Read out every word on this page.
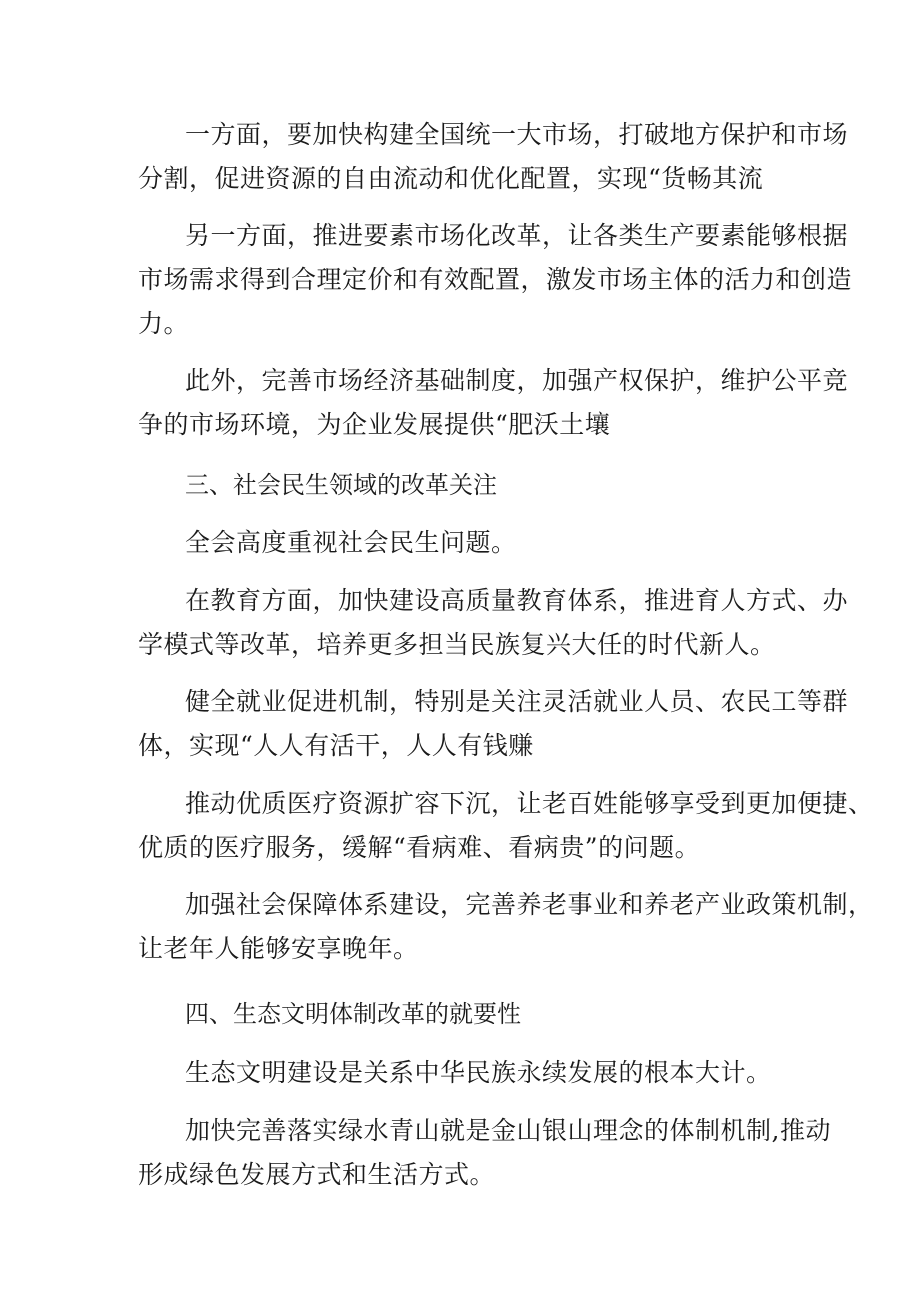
一方面，要加快构建全国统一大市场，打破地方保护和市场
分割，促进资源的自由流动和优化配置，实现“货畅其流
另一方面，推进要素市场化改革，让各类生产要素能够根据
市场需求得到合理定价和有效配置，激发市场主体的活力和创造
力。
此外，完善市场经济基础制度，加强产权保护，维护公平竞
争的市场环境，为企业发展提供“肥沃土壤
三、社会民生领域的改革关注
全会高度重视社会民生问题。
在教育方面，加快建设高质量教育体系，推进育人方式、办
学模式等改革，培养更多担当民族复兴大任的时代新人。
健全就业促进机制，特别是关注灵活就业人员、农民工等群
体，实现“人人有活干，人人有钱赚
推动优质医疗资源扩容下沉，让老百姓能够享受到更加便捷、
优质的医疗服务，缓解“看病难、看病贵”的问题。
加强社会保障体系建设，完善养老事业和养老产业政策机制，
让老年人能够安享晚年。
四、生态文明体制改革的就要性
生态文明建设是关系中华民族永续发展的根本大计。
加快完善落实绿水青山就是金山银山理念的体制机制,推动
形成绿色发展方式和生活方式。
